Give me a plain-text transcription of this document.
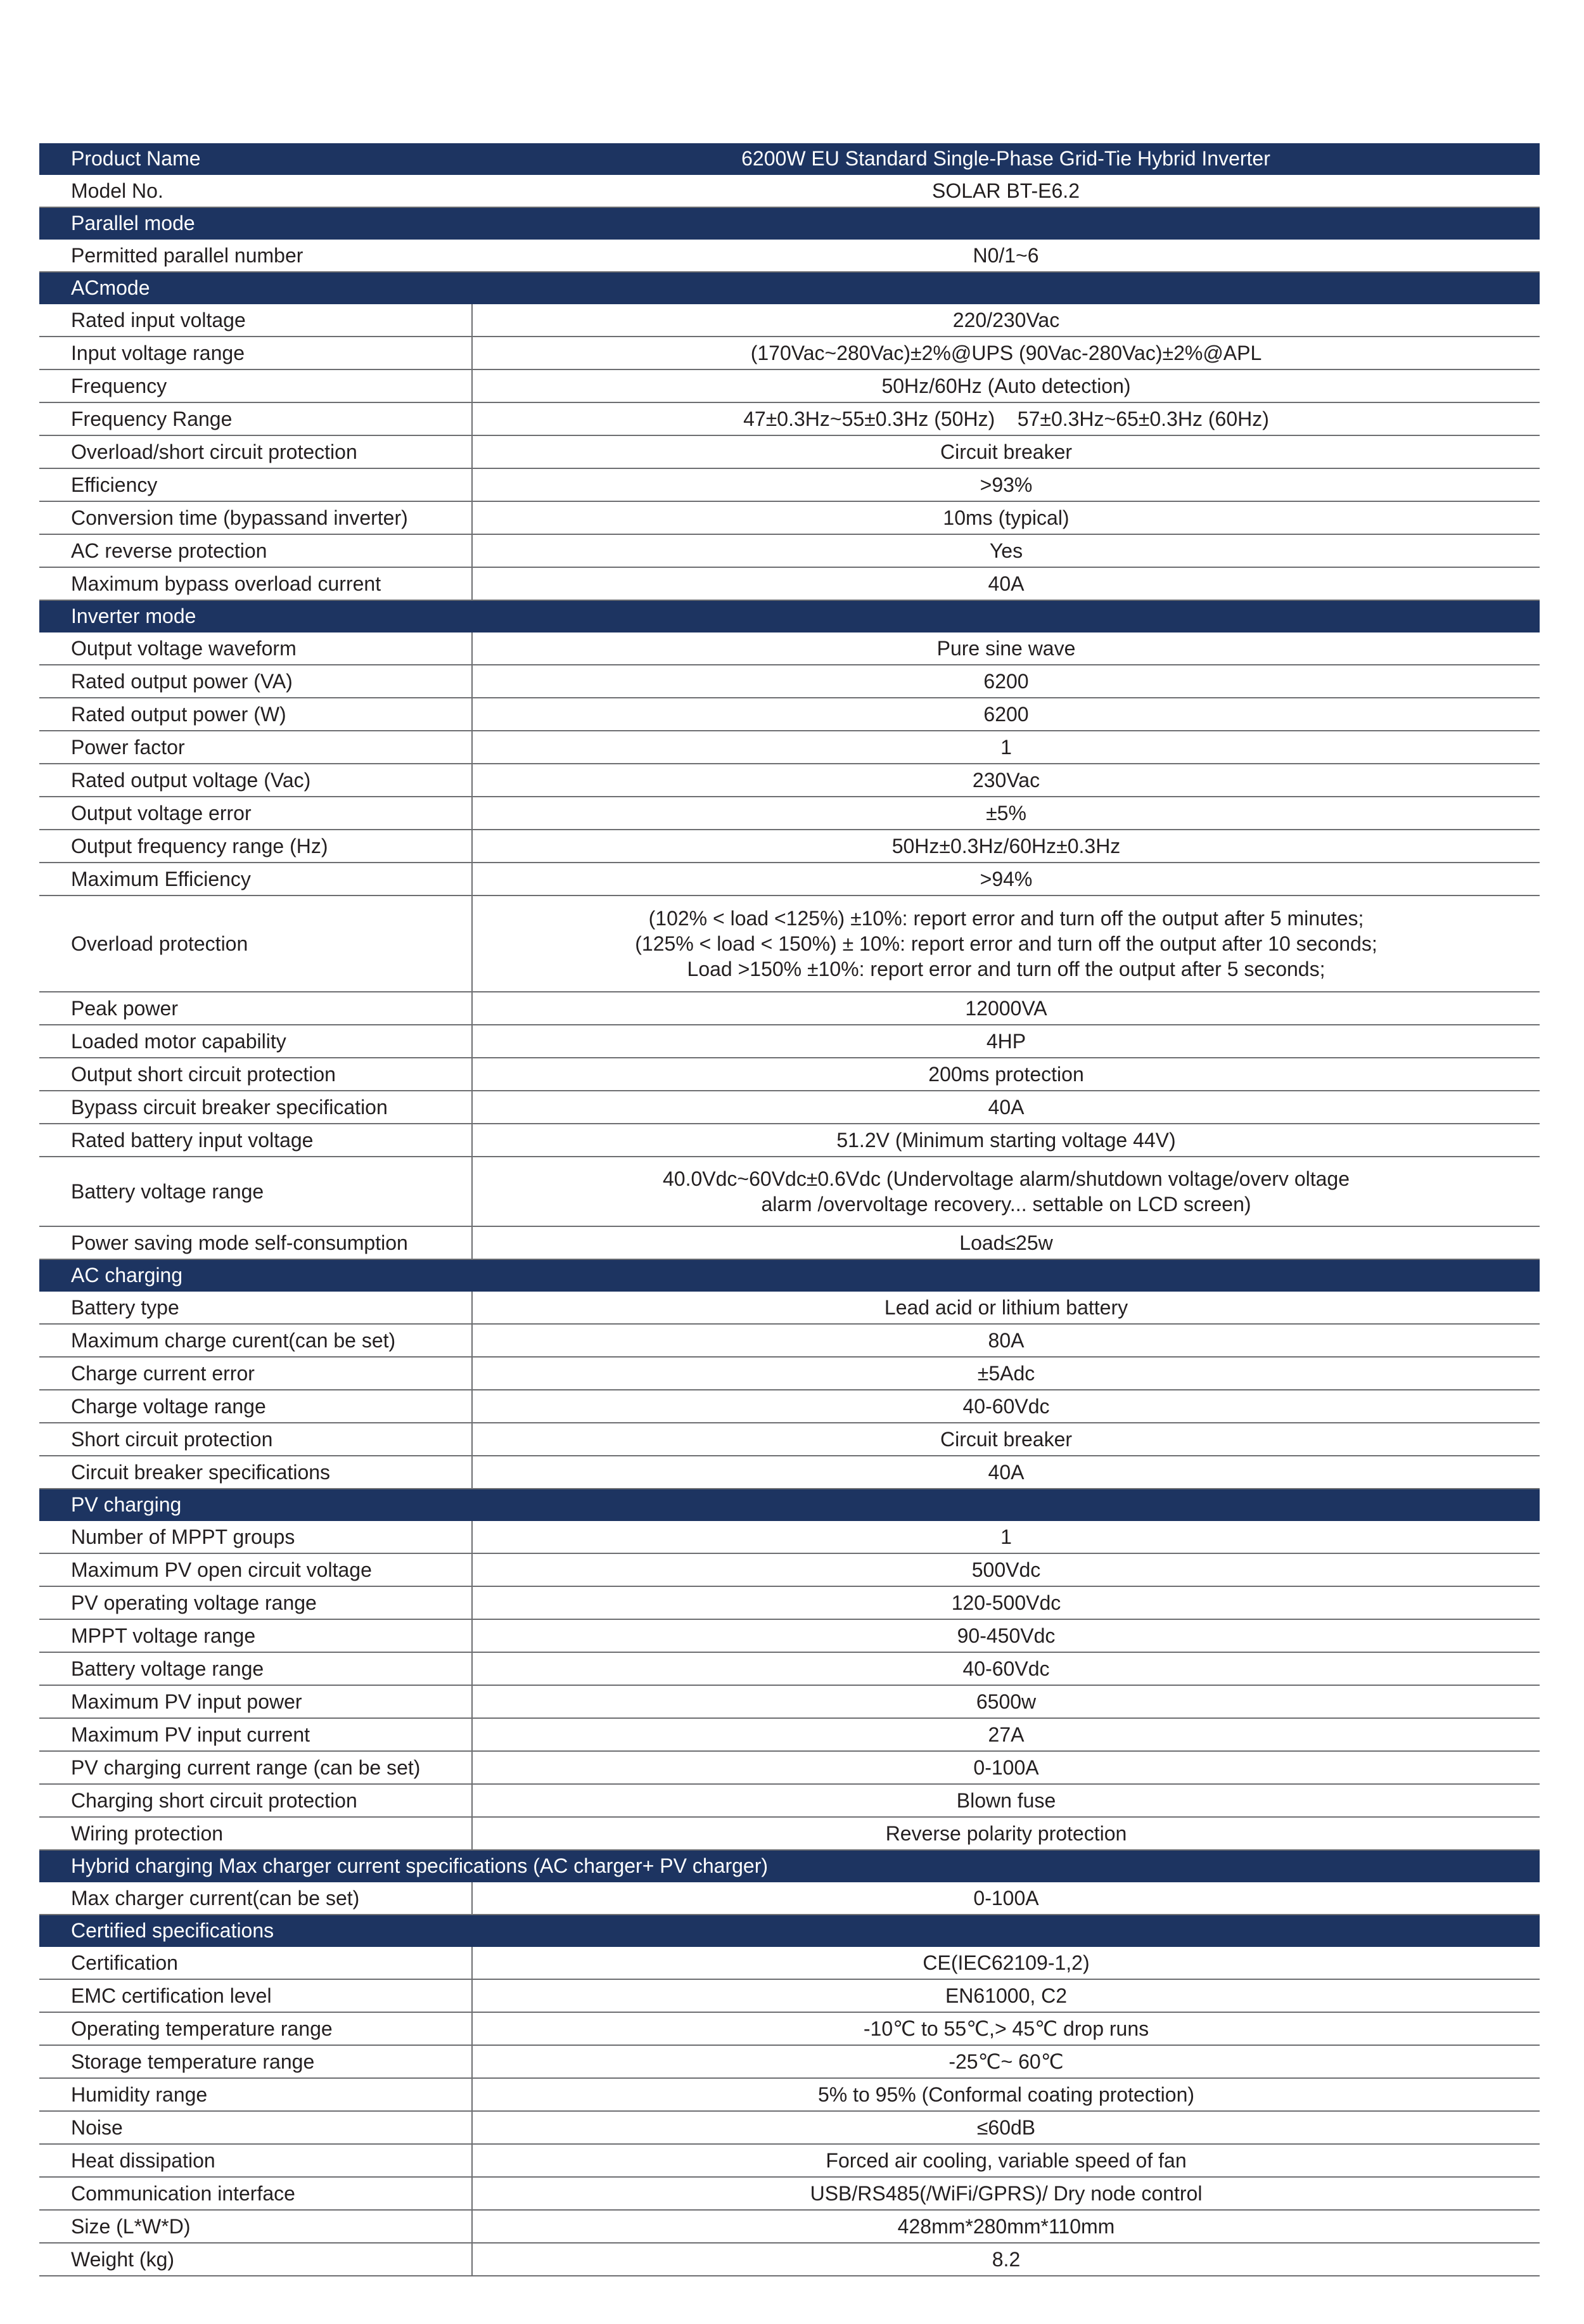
Product Name	6200W EU Standard Single-Phase Grid-Tie Hybrid Inverter
Model No.	SOLAR BT-E6.2
Parallel mode	
Permitted parallel number	N0/1~6
ACmode	
Rated input voltage	220/230Vac
Input voltage range	(170Vac~280Vac)±2%@UPS (90Vac-280Vac)±2%@APL
Frequency	50Hz/60Hz (Auto detection)
Frequency Range	47±0.3Hz~55±0.3Hz (50Hz)    57±0.3Hz~65±0.3Hz (60Hz)
Overload/short circuit protection	Circuit breaker
Efficiency	>93%
Conversion time (bypassand inverter)	10ms (typical)
AC reverse protection	Yes
Maximum bypass overload current	40A
Inverter mode	
Output voltage waveform	Pure sine wave
Rated output power (VA)	6200
Rated output power (W)	6200
Power factor	1
Rated output voltage (Vac)	230Vac
Output voltage error	±5%
Output frequency range (Hz)	50Hz±0.3Hz/60Hz±0.3Hz
Maximum Efficiency	>94%
Overload protection	(102% < load <125%) ±10%: report error and turn off the output after 5 minutes;
(125% < load < 150%) ± 10%: report error and turn off the output after 10 seconds;
Load >150% ±10%: report error and turn off the output after 5 seconds;

Peak power	12000VA
Loaded motor capability	4HP
Output short circuit protection	200ms protection
Bypass circuit breaker specification	40A
Rated battery input voltage	51.2V (Minimum starting voltage 44V)
Battery voltage range	40.0Vdc~60Vdc±0.6Vdc (Undervoltage alarm/shutdown voltage/overv oltage
alarm /overvoltage recovery... settable on LCD screen)

Power saving mode self-consumption	Load≤25w
AC charging	
Battery type	Lead acid or lithium battery
Maximum charge curent(can be set)	80A
Charge current error	±5Adc
Charge voltage range	40-60Vdc
Short circuit protection	Circuit breaker
Circuit breaker specifications	40A
PV charging	
Number of MPPT groups	1
Maximum PV open circuit voltage	500Vdc
PV operating voltage range	120-500Vdc
MPPT voltage range	90-450Vdc
Battery voltage range	40-60Vdc
Maximum PV input power	6500w
Maximum PV input current	27A
PV charging current range (can be set)	0-100A
Charging short circuit protection	Blown fuse
Wiring protection	Reverse polarity protection
Hybrid charging Max charger current specifications (AC charger+ PV charger)	
Max charger current(can be set)	0-100A
Certified specifications	
Certification	CE(IEC62109-1,2)
EMC certification level	EN61000, C2
Operating temperature range	-10℃ to 55℃,> 45℃ drop runs
Storage temperature range	-25℃~ 60℃
Humidity range	5% to 95% (Conformal coating protection)
Noise	≤60dB
Heat dissipation	Forced air cooling, variable speed of fan
Communication interface	USB/RS485(/WiFi/GPRS)/ Dry node control
Size (L*W*D)	428mm*280mm*110mm
Weight (kg)	8.2
